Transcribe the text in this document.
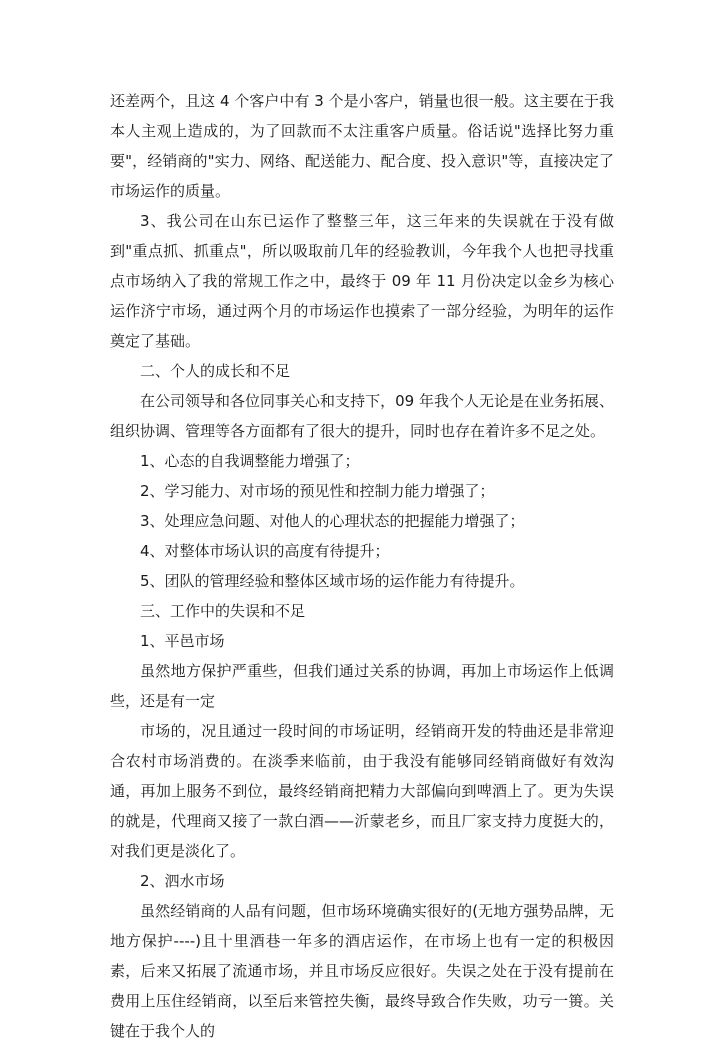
还差两个，且这 4 个客户中有 3 个是小客户，销量也很一般。这主要在于我本人主观上造成的，为了回款而不太注重客户质量。俗话说"选择比努力重要"，经销商的"实力、网络、配送能力、配合度、投入意识"等，直接决定了市场运作的质量。

3、我公司在山东已运作了整整三年，这三年来的失误就在于没有做到"重点抓、抓重点"，所以吸取前几年的经验教训，今年我个人也把寻找重点市场纳入了我的常规工作之中，最终于 09 年 11 月份决定以金乡为核心运作济宁市场，通过两个月的市场运作也摸索了一部分经验，为明年的运作奠定了基础。

二、个人的成长和不足

在公司领导和各位同事关心和支持下，09 年我个人无论是在业务拓展、组织协调、管理等各方面都有了很大的提升，同时也存在着许多不足之处。

1、心态的自我调整能力增强了；

2、学习能力、对市场的预见性和控制力能力增强了；

3、处理应急问题、对他人的心理状态的把握能力增强了；

4、对整体市场认识的高度有待提升；

5、团队的管理经验和整体区域市场的运作能力有待提升。

三、工作中的失误和不足

1、平邑市场

虽然地方保护严重些，但我们通过关系的协调，再加上市场运作上低调些，还是有一定

市场的，况且通过一段时间的市场证明，经销商开发的特曲还是非常迎合农村市场消费的。在淡季来临前，由于我没有能够同经销商做好有效沟通，再加上服务不到位，最终经销商把精力大部偏向到啤酒上了。更为失误的就是，代理商又接了一款白酒——沂蒙老乡，而且厂家支持力度挺大的，对我们更是淡化了。

2、泗水市场

虽然经销商的人品有问题，但市场环境确实很好的(无地方强势品牌，无地方保护----)且十里酒巷一年多的酒店运作，在市场上也有一定的积极因素，后来又拓展了流通市场，并且市场反应很好。失误之处在于没有提前在费用上压住经销商，以至后来管控失衡，最终导致合作失败，功亏一篑。关键在于我个人的
